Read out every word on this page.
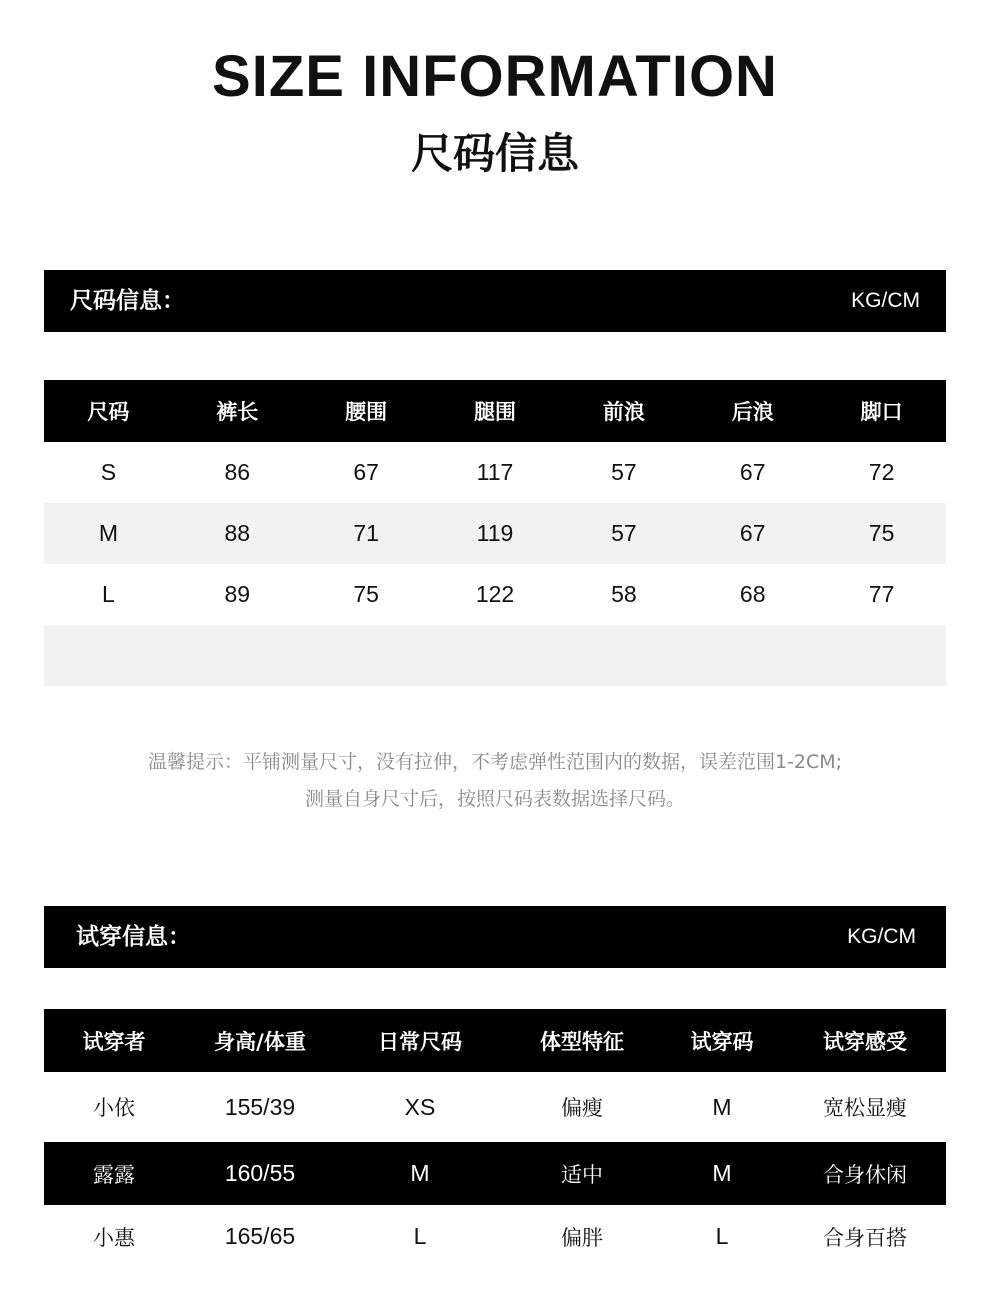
SIZE INFORMATION
尺码信息
尺码信息：	KG/CM
尺码	裤长	腰围	腿围	前浪	后浪	脚口
S	86	67	117	57	67	72
M	88	71	119	57	67	75
L	89	75	122	58	68	77
温馨提示：平铺测量尺寸，没有拉伸，不考虑弹性范围内的数据，误差范围1-2CM;
测量自身尺寸后，按照尺码表数据选择尺码。
试穿信息：	KG/CM
试穿者	身高/体重	日常尺码	体型特征	试穿码	试穿感受
小依	155/39	XS	偏瘦	M	宽松显瘦
露露	160/55	M	适中	M	合身休闲
小惠	165/65	L	偏胖	L	合身百搭
